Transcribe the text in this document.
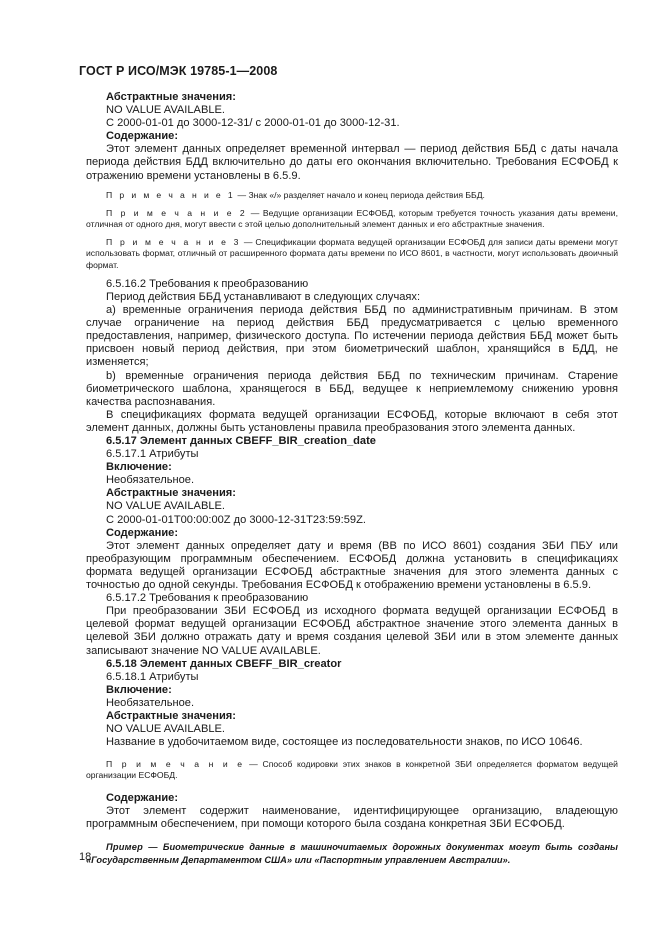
ГОСТ Р ИСО/МЭК 19785-1—2008

Абстрактные значения:

NO VALUE AVAILABLE.

С 2000-01-01 до 3000-12-31/ с 2000-01-01 до 3000-12-31.

Содержание:

Этот элемент данных определяет временной интервал — период действия ББД с даты начала периода действия БДД включительно до даты его окончания включительно. Требования ЕСФОБД к отражению времени установлены в 6.5.9.

П р и м е ч а н и е 1 — Знак «/» разделяет начало и конец периода действия ББД.

П р и м е ч а н и е 2 — Ведущие организации ЕСФОБД, которым требуется точность указания даты времени, отличная от одного дня, могут ввести с этой целью дополнительный элемент данных и его абстрактные значения.

П р и м е ч а н и е 3 — Спецификации формата ведущей организации ЕСФОБД для записи даты времени могут использовать формат, отличный от расширенного формата даты времени по ИСО 8601, в частности, могут использовать двоичный формат.

6.5.16.2 Требования к преобразованию

Период действия ББД устанавливают в следующих случаях:

а) временные ограничения периода действия ББД по административным причинам. В этом случае ограничение на период действия ББД предусматривается с целью временного предоставления, например, физического доступа. По истечении периода действия ББД может быть присвоен новый период действия, при этом биометрический шаблон, хранящийся в БДД, не изменяется;

b) временные ограничения периода действия ББД по техническим причинам. Старение биометрического шаблона, хранящегося в ББД, ведущее к неприемлемому снижению уровня качества распознавания.

В спецификациях формата ведущей организации ЕСФОБД, которые включают в себя этот элемент данных, должны быть установлены правила преобразования этого элемента данных.

6.5.17 Элемент данных CBEFF_BIR_creation_date

6.5.17.1 Атрибуты

Включение:

Необязательное.

Абстрактные значения:

NO VALUE AVAILABLE.

С 2000-01-01T00:00:00Z до 3000-12-31T23:59:59Z.

Содержание:

Этот элемент данных определяет дату и время (ВВ по ИСО 8601) создания ЗБИ ПБУ или преобразующим программным обеспечением. ЕСФОБД должна установить в спецификациях формата ведущей организации ЕСФОБД абстрактные значения для этого элемента данных с точностью до одной секунды. Требования ЕСФОБД к отображению времени установлены в 6.5.9.

6.5.17.2 Требования к преобразованию

При преобразовании ЗБИ ЕСФОБД из исходного формата ведущей организации ЕСФОБД в целевой формат ведущей организации ЕСФОБД абстрактное значение этого элемента данных в целевой ЗБИ должно отражать дату и время создания целевой ЗБИ или в этом элементе данных записывают значение NO VALUE AVAILABLE.

6.5.18 Элемент данных CBEFF_BIR_creator

6.5.18.1 Атрибуты

Включение:

Необязательное.

Абстрактные значения:

NO VALUE AVAILABLE.

Название в удобочитаемом виде, состоящее из последовательности знаков, по ИСО 10646.

П р и м е ч а н и е — Способ кодировки этих знаков в конкретной ЗБИ определяется форматом ведущей организации ЕСФОБД.

Содержание:

Этот элемент содержит наименование, идентифицирующее организацию, владеющую программным обеспечением, при помощи которого была создана конкретная ЗБИ ЕСФОБД.

Пример — Биометрические данные в машиночитаемых дорожных документах могут быть созданы «Государственным Департаментом США» или «Паспортным управлением Австралии».

18
